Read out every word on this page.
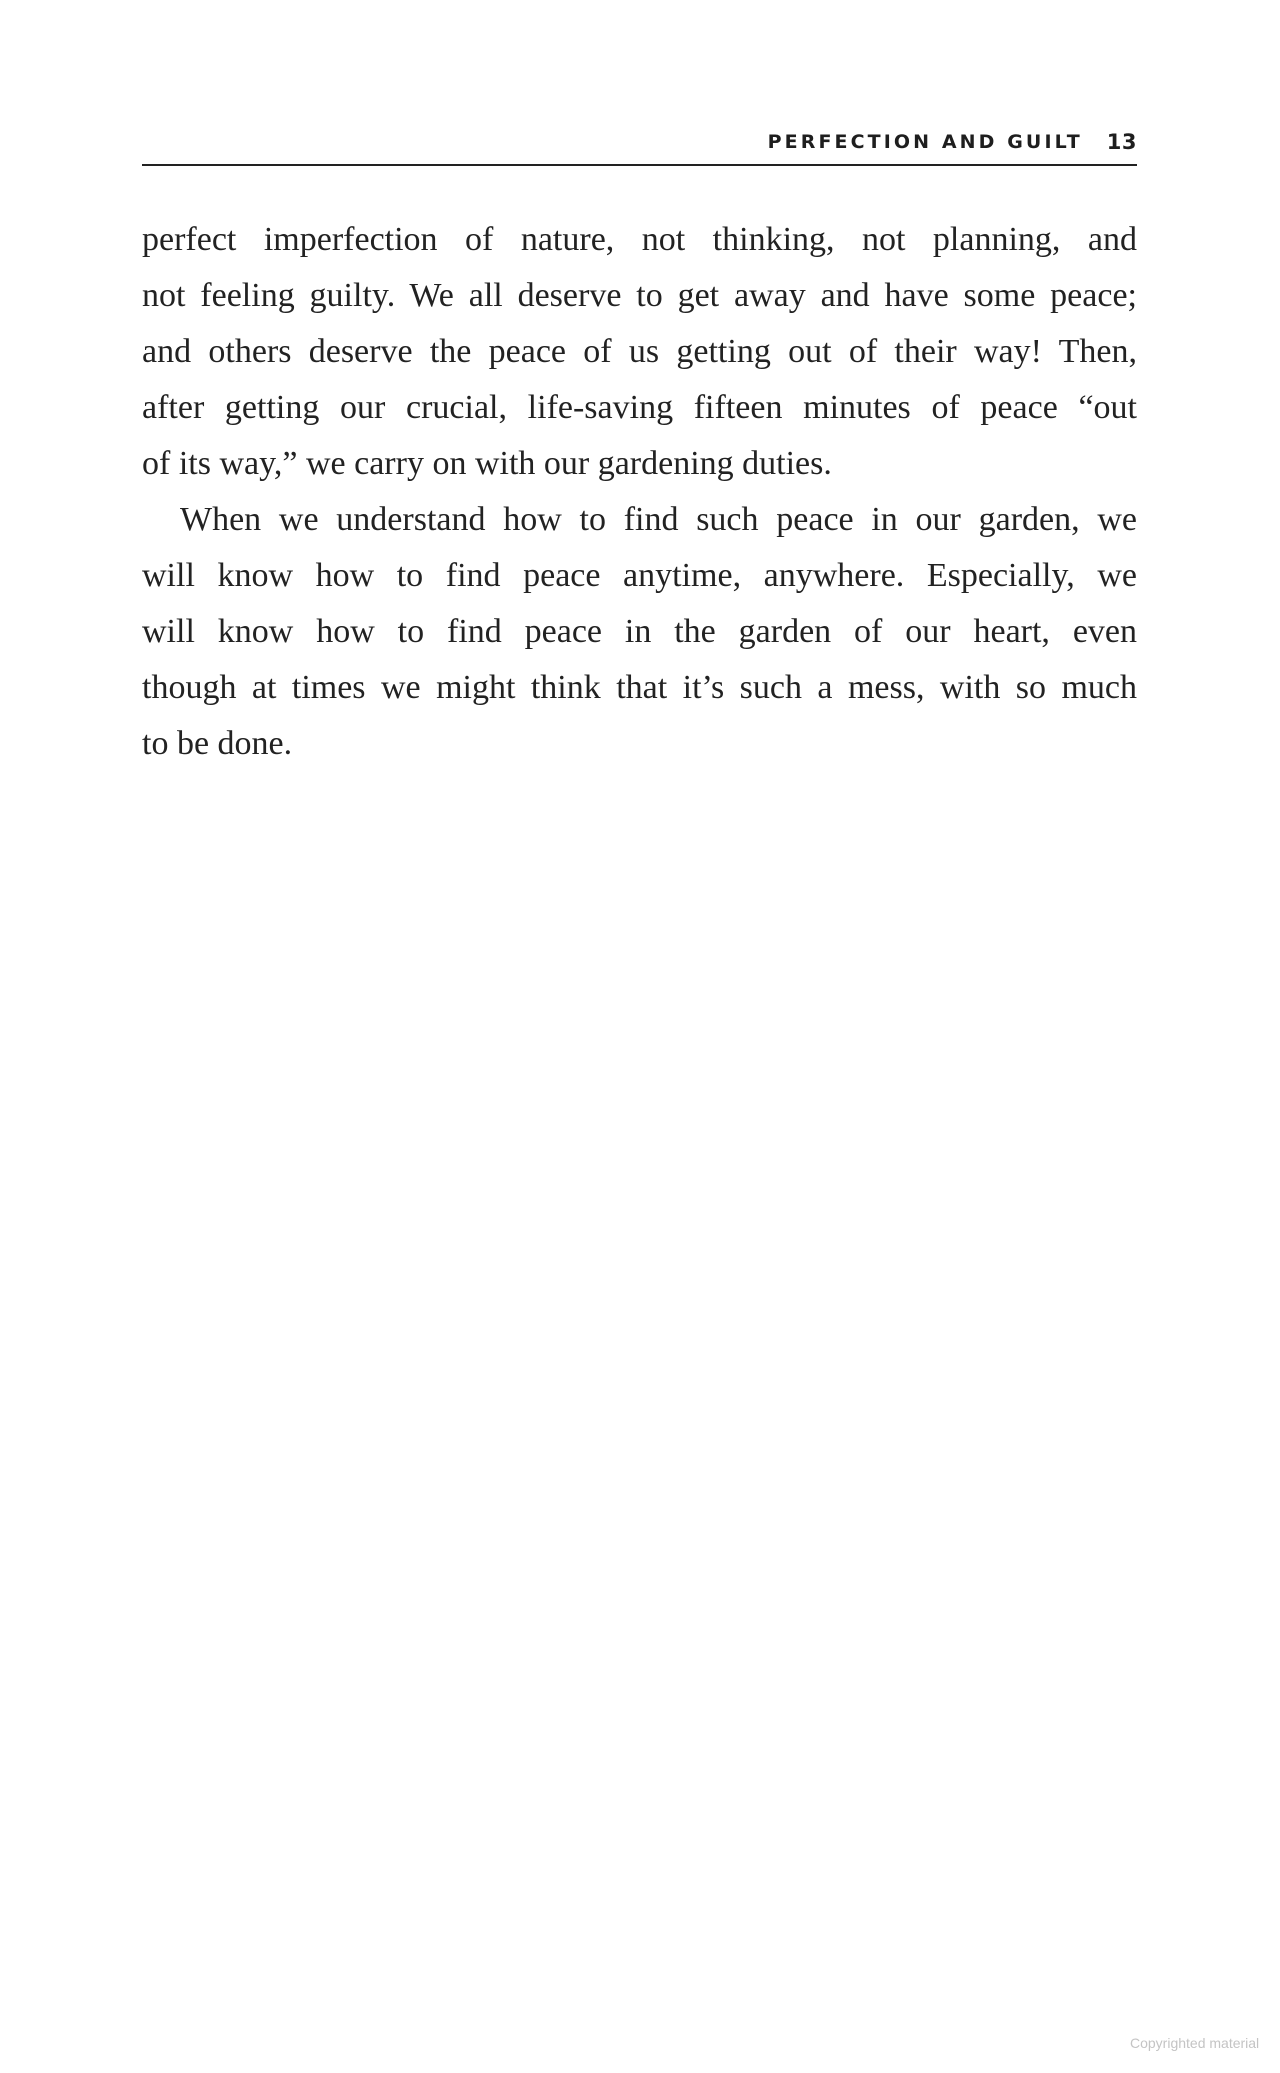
PERFECTION AND GUILT 13
perfect imperfection of nature, not thinking, not planning, and
not feeling guilty. We all deserve to get away and have some peace;
and others deserve the peace of us getting out of their way! Then,
after getting our crucial, life-saving fifteen minutes of peace “out
of its way,” we carry on with our gardening duties.
When we understand how to find such peace in our garden, we
will know how to find peace anytime, anywhere. Especially, we
will know how to find peace in the garden of our heart, even
though at times we might think that it’s such a mess, with so much
to be done.
Copyrighted material
